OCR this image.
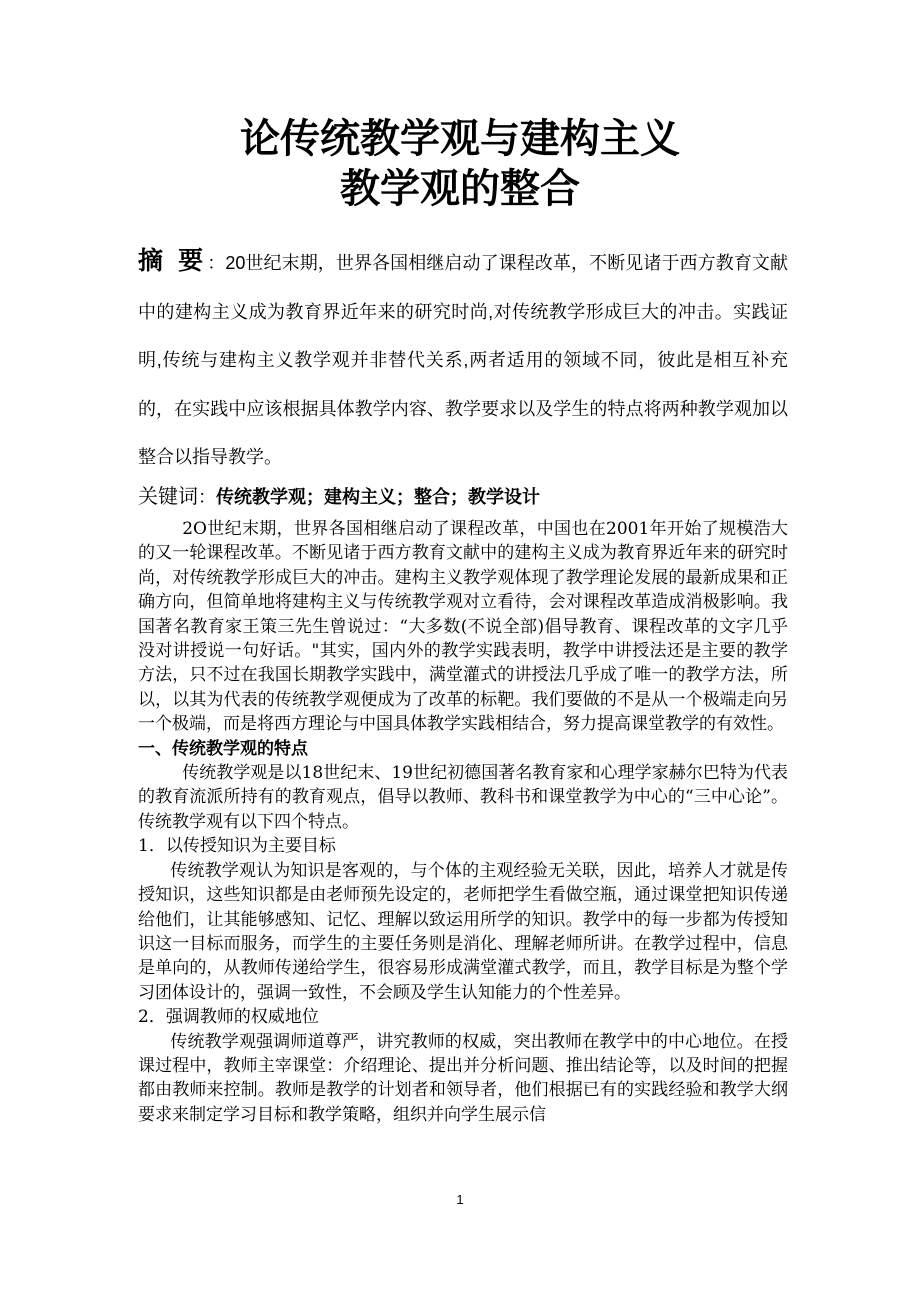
论传统教学观与建构主义
教学观的整合

摘 要：20世纪末期，世界各国相继启动了课程改革，不断见诸于西方教育文献中的建构主义成为教育界近年来的研究时尚,对传统教学形成巨大的冲击。实践证明,传统与建构主义教学观并非替代关系,两者适用的领域不同，彼此是相互补充的，在实践中应该根据具体教学内容、教学要求以及学生的特点将两种教学观加以整合以指导教学。

关键词：传统教学观；建构主义；整合；教学设计

2O世纪末期，世界各国相继启动了课程改革，中国也在2001年开始了规模浩大的又一轮课程改革。不断见诸于西方教育文献中的建构主义成为教育界近年来的研究时尚，对传统教学形成巨大的冲击。建构主义教学观体现了教学理论发展的最新成果和正确方向，但简单地将建构主义与传统教学观对立看待，会对课程改革造成消极影响。我国著名教育家王策三先生曾说过：“大多数(不说全部)倡导教育、课程改革的文字几乎没对讲授说一句好话。"其实，国内外的教学实践表明，教学中讲授法还是主要的教学方法，只不过在我国长期教学实践中，满堂灌式的讲授法几乎成了唯一的教学方法，所以，以其为代表的传统教学观便成为了改革的标靶。我们要做的不是从一个极端走向另一个极端，而是将西方理论与中国具体教学实践相结合，努力提高课堂教学的有效性。

一、传统教学观的特点

传统教学观是以18世纪末、19世纪初德国著名教育家和心理学家赫尔巴特为代表的教育流派所持有的教育观点，倡导以教师、教科书和课堂教学为中心的“三中心论”。传统教学观有以下四个特点。

1．以传授知识为主要目标

传统教学观认为知识是客观的，与个体的主观经验无关联，因此，培养人才就是传授知识，这些知识都是由老师预先设定的，老师把学生看做空瓶，通过课堂把知识传递给他们，让其能够感知、记忆、理解以致运用所学的知识。教学中的每一步都为传授知识这一目标而服务，而学生的主要任务则是消化、理解老师所讲。在教学过程中，信息是单向的，从教师传递给学生，很容易形成满堂灌式教学，而且，教学目标是为整个学习团体设计的，强调一致性，不会顾及学生认知能力的个性差异。

2．强调教师的权威地位

传统教学观强调师道尊严，讲究教师的权威，突出教师在教学中的中心地位。在授课过程中，教师主宰课堂：介绍理论、提出并分析问题、推出结论等，以及时间的把握都由教师来控制。教师是教学的计划者和领导者，他们根据已有的实践经验和教学大纲要求来制定学习目标和教学策略，组织并向学生展示信

1
